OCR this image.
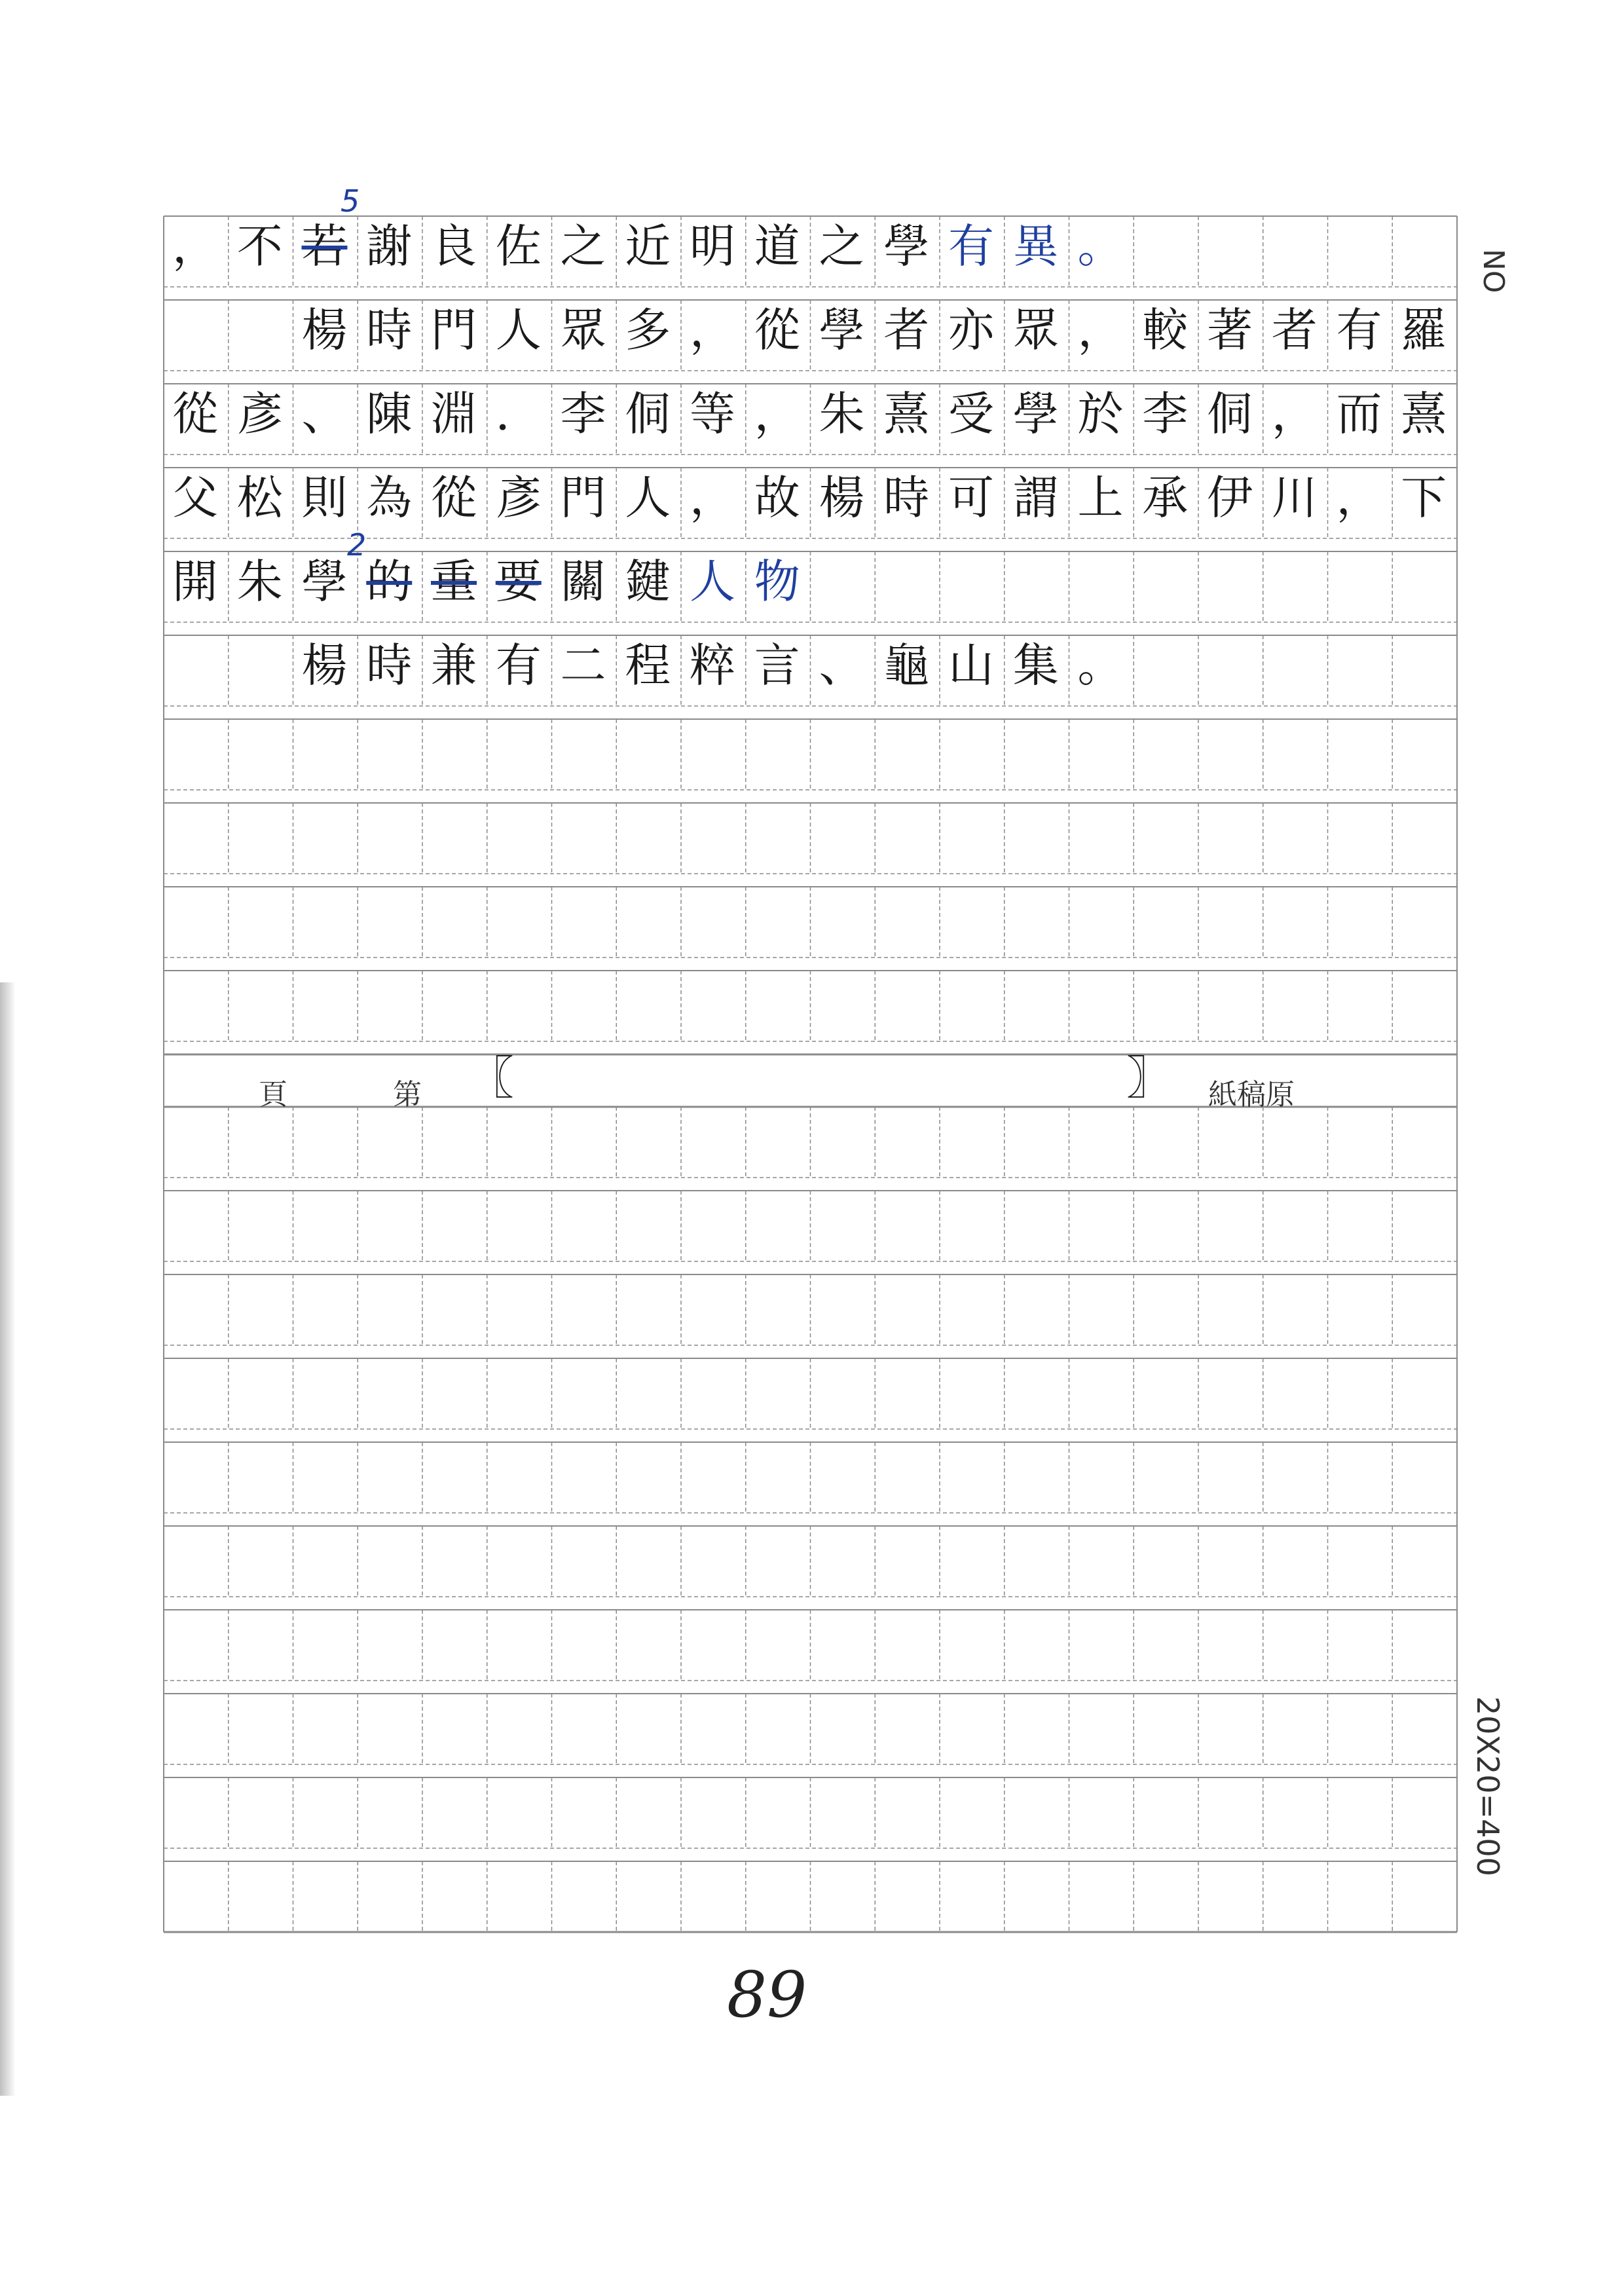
〖	〗
， 不 若 謝 良 佐 之 近 明 道 之 學 有 異 。
楊 時 門 人 眾 多 ， 從 學 者 亦 眾 ， 較 著 者 有 羅
從 彥 、 陳 淵 ． 李 侗 等 ， 朱 熹 受 學 於 李 侗 ， 而 熹
父 松 則 為 從 彥 門 人 ， 故 楊 時 可 謂 上 承 伊 川 ， 下
開 朱 學 的 重 要 關 鍵 人 物
楊 時 兼 有 二 程 粹 言 、 龜 山 集 。
5
2
NO
20X20=400
頁	第	紙稿原
89
